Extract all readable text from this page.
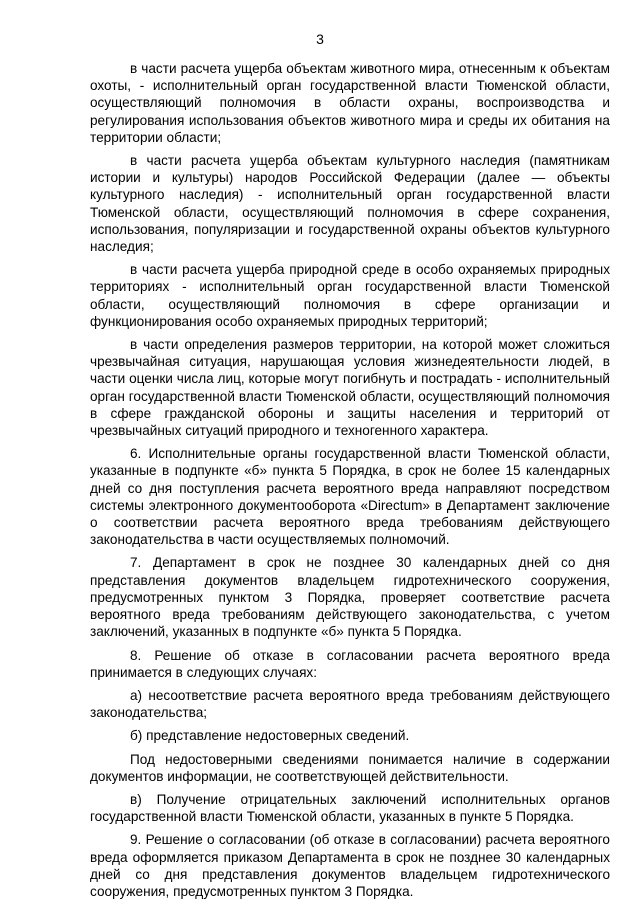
3

в части расчета ущерба объектам животного мира, отнесенным к объектам охоты, - исполнительный орган государственной власти Тюменской области, осуществляющий полномочия в области охраны, воспроизводства и регулирования использования объектов животного мира и среды их обитания на территории области;

в части расчета ущерба объектам культурного наследия (памятникам истории и культуры) народов Российской Федерации (далее — объекты культурного наследия) - исполнительный орган государственной власти Тюменской области, осуществляющий полномочия в сфере сохранения, использования, популяризации и государственной охраны объектов культурного наследия;

в части расчета ущерба природной среде в особо охраняемых природных территориях - исполнительный орган государственной власти Тюменской области, осуществляющий полномочия в сфере организации и функционирования особо охраняемых природных территорий;

в части определения размеров территории, на которой может сложиться чрезвычайная ситуация, нарушающая условия жизнедеятельности людей, в части оценки числа лиц, которые могут погибнуть и пострадать - исполнительный орган государственной власти Тюменской области, осуществляющий полномочия в сфере гражданской обороны и защиты населения и территорий от чрезвычайных ситуаций природного и техногенного характера.

6. Исполнительные органы государственной власти Тюменской области, указанные в подпункте «б» пункта 5 Порядка, в срок не более 15 календарных дней со дня поступления расчета вероятного вреда направляют посредством системы электронного документооборота «Directum» в Департамент заключение о соответствии расчета вероятного вреда требованиям действующего законодательства в части осуществляемых полномочий.

7. Департамент в срок не позднее 30 календарных дней со дня представления документов владельцем гидротехнического сооружения, предусмотренных пунктом 3 Порядка, проверяет соответствие расчета вероятного вреда требованиям действующего законодательства, с учетом заключений, указанных в подпункте «б» пункта 5 Порядка.

8. Решение об отказе в согласовании расчета вероятного вреда принимается в следующих случаях:

а) несоответствие расчета вероятного вреда требованиям действующего законодательства;

б) представление недостоверных сведений.

Под недостоверными сведениями понимается наличие в содержании документов информации, не соответствующей действительности.

в) Получение отрицательных заключений исполнительных органов государственной власти Тюменской области, указанных в пункте 5 Порядка.

9. Решение о согласовании (об отказе в согласовании) расчета вероятного вреда оформляется приказом Департамента в срок не позднее 30 календарных дней со дня представления документов владельцем гидротехнического сооружения, предусмотренных пунктом 3 Порядка.
